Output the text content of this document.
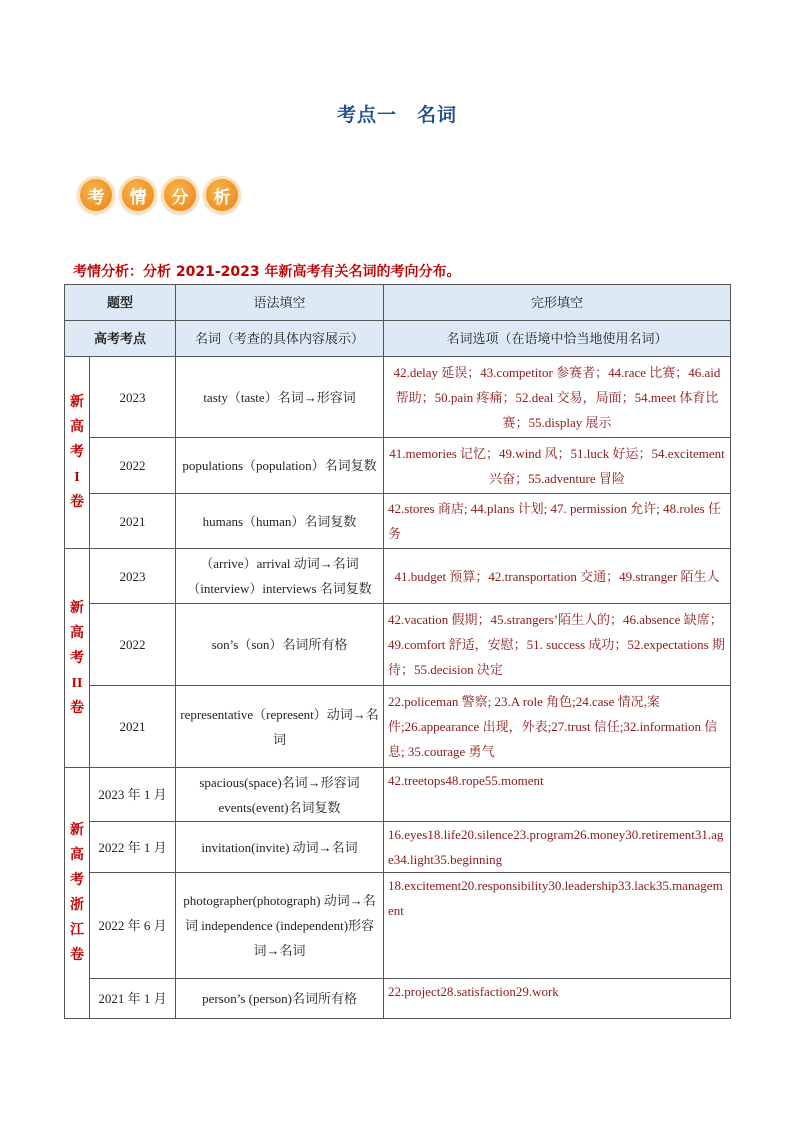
考点一　名词
考	情	分	析
考情分析：分析 2021-2023 年新高考有关名词的考向分布。
题型		语法填空	完形填空
高考考点		名词（考查的具体内容展示）	名词选项（在语境中恰当地使用名词）
新高考I卷	2023	tasty（taste）名词→形容词	42.delay 延误；43.competitor 参赛者；44.race 比赛；46.aid 帮助；50.pain 疼痛；52.deal 交易，局面；54.meet 体育比赛；55.display 展示
	2022	populations（population）名词复数	41.memories 记忆；49.wind 风；51.luck 好运；54.excitement 兴奋；55.adventure 冒险
	2021	humans（human）名词复数	42.stores 商店; 44.plans 计划; 47. permission 允许; 48.roles 任务
新高考II卷	2023	（arrive）arrival 动词→名词（interview）interviews 名词复数	41.budget 预算；42.transportation 交通；49.stranger 陌生人
	2022	son’s（son）名词所有格	42.vacation 假期；45.strangers’陌生人的；46.absence 缺席；49.comfort 舒适，安慰；51. success 成功；52.expectations 期待；55.decision 决定
	2021	representative（represent）动词→名词	22.policeman 警察; 23.A role 角色;24.case 情况,案件;26.appearance 出现，外表;27.trust 信任;32.information 信息; 35.courage 勇气
新高考浙江卷	2023 年 1 月	spacious(space)名词→形容词 events(event)名词复数	42.treetops48.rope55.moment
	2022 年 1 月	invitation(invite) 动词→名词	16.eyes18.life20.silence23.program26.money30.retirement31.age34.light35.beginning
	2022 年 6 月	photographer(photograph) 动词→名词 independence (independent)形容词→名词	18.excitement20.responsibility30.leadership33.lack35.management
	2021 年 1 月	person’s (person)名词所有格	22.project28.satisfaction29.work
